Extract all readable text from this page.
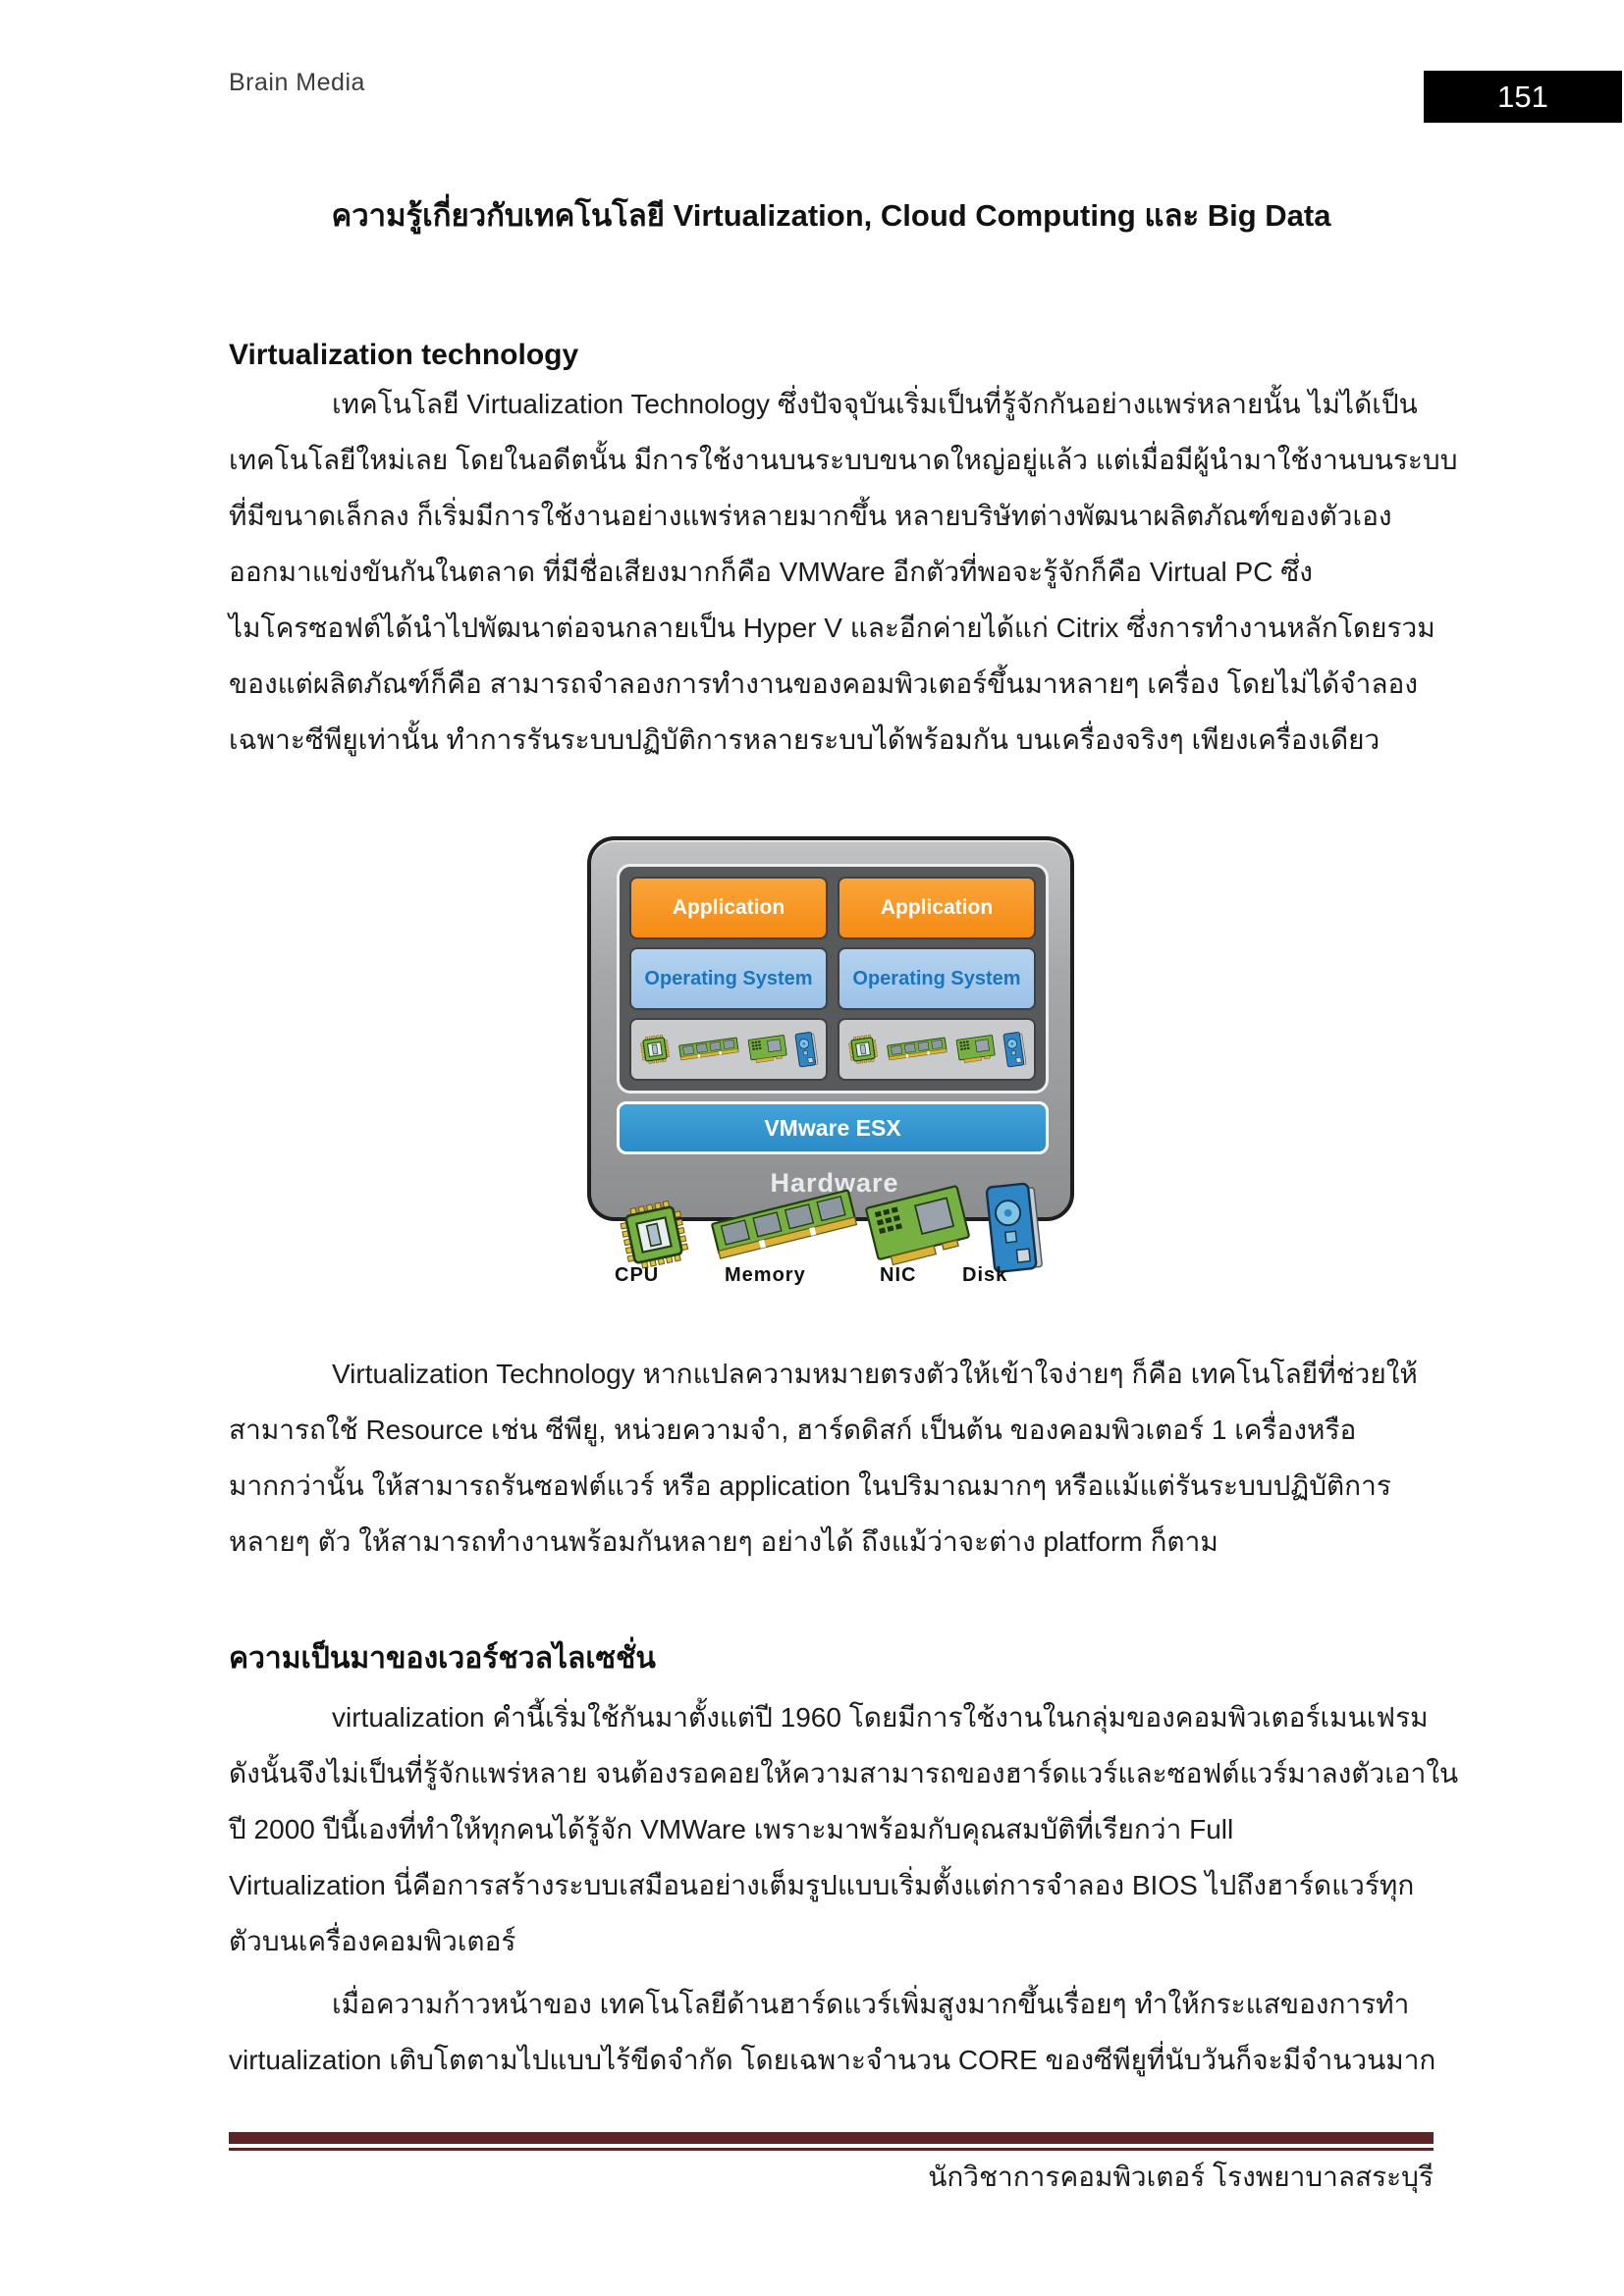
Brain Media	151
ความรู้เกี่ยวกับเทคโนโลยี Virtualization, Cloud Computing และ Big Data
Virtualization technology
เทคโนโลยี Virtualization Technology ซึ่งปัจจุบันเริ่มเป็นที่รู้จักกันอย่างแพร่หลายนั้น ไม่ได้เป็น
เทคโนโลยีใหม่เลย โดยในอดีตนั้น มีการใช้งานบนระบบขนาดใหญ่อยู่แล้ว แต่เมื่อมีผู้นำมาใช้งานบนระบบ
ที่มีขนาดเล็กลง ก็เริ่มมีการใช้งานอย่างแพร่หลายมากขึ้น หลายบริษัทต่างพัฒนาผลิตภัณฑ์ของตัวเอง
ออกมาแข่งขันกันในตลาด ที่มีชื่อเสียงมากก็คือ VMWare อีกตัวที่พอจะรู้จักก็คือ Virtual PC ซึ่ง
ไมโครซอฟต์ได้นำไปพัฒนาต่อจนกลายเป็น Hyper V และอีกค่ายได้แก่ Citrix ซึ่งการทำงานหลักโดยรวม
ของแต่ผลิตภัณฑ์ก็คือ สามารถจำลองการทำงานของคอมพิวเตอร์ขึ้นมาหลายๆ เครื่อง โดยไม่ได้จำลอง
เฉพาะซีพียูเท่านั้น ทำการรันระบบปฏิบัติการหลายระบบได้พร้อมกัน บนเครื่องจริงๆ เพียงเครื่องเดียว
Application
Operating System
Application
Operating System
VMware ESX
Hardware
CPU	Memory	NIC	Disk
Virtualization Technology หากแปลความหมายตรงตัวให้เข้าใจง่ายๆ ก็คือ เทคโนโลยีที่ช่วยให้
สามารถใช้ Resource เช่น ซีพียู, หน่วยความจำ, ฮาร์ดดิสก์ เป็นต้น ของคอมพิวเตอร์ 1 เครื่องหรือ
มากกว่านั้น ให้สามารถรันซอฟต์แวร์ หรือ application ในปริมาณมากๆ หรือแม้แต่รันระบบปฏิบัติการ
หลายๆ ตัว ให้สามารถทำงานพร้อมกันหลายๆ อย่างได้ ถึงแม้ว่าจะต่าง platform ก็ตาม
ความเป็นมาของเวอร์ชวลไลเซชั่น
virtualization คำนี้เริ่มใช้กันมาตั้งแต่ปี 1960 โดยมีการใช้งานในกลุ่มของคอมพิวเตอร์เมนเฟรม
ดังนั้นจึงไม่เป็นที่รู้จักแพร่หลาย จนต้องรอคอยให้ความสามารถของฮาร์ดแวร์และซอฟต์แวร์มาลงตัวเอาใน
ปี 2000 ปีนี้เองที่ทำให้ทุกคนได้รู้จัก VMWare เพราะมาพร้อมกับคุณสมบัติที่เรียกว่า Full
Virtualization นี่คือการสร้างระบบเสมือนอย่างเต็มรูปแบบเริ่มตั้งแต่การจำลอง BIOS ไปถึงฮาร์ดแวร์ทุก
ตัวบนเครื่องคอมพิวเตอร์
เมื่อความก้าวหน้าของ เทคโนโลยีด้านฮาร์ดแวร์เพิ่มสูงมากขึ้นเรื่อยๆ ทำให้กระแสของการทำ
virtualization เติบโตตามไปแบบไร้ขีดจำกัด โดยเฉพาะจำนวน CORE ของซีพียูที่นับวันก็จะมีจำนวนมาก
นักวิชาการคอมพิวเตอร์ โรงพยาบาลสระบุรี
